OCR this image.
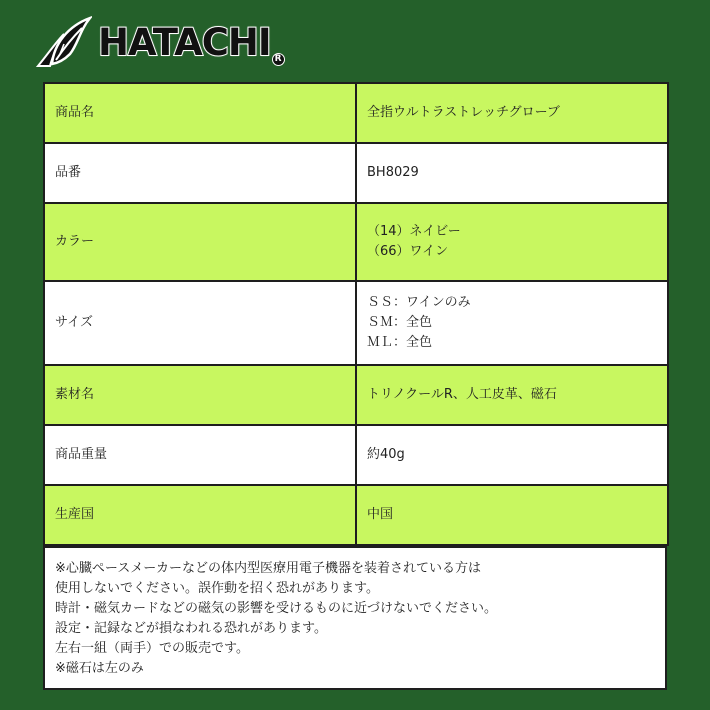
HATACHI R
商品名	全指ウルトラストレッチグローブ
品番	BH8029
カラー	（14）ネイビー
（66）ワイン
サイズ	ＳＳ：ワインのみ
ＳＭ：全色
ＭＬ：全色
素材名	トリノクールR、人工皮革、磁石
商品重量	約40g
生産国	中国
※心臓ペースメーカーなどの体内型医療用電子機器を装着されている方は
使用しないでください。誤作動を招く恐れがあります。
時計・磁気カードなどの磁気の影響を受けるものに近づけないでください。
設定・記録などが損なわれる恐れがあります。
左右一組（両手）での販売です。
※磁石は左のみ
